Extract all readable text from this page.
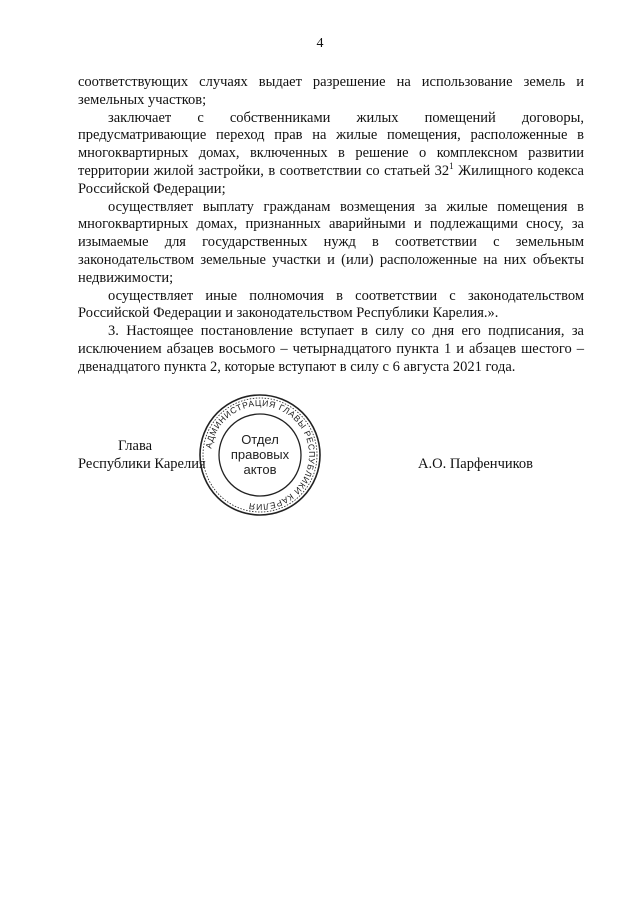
4

соответствующих случаях выдает разрешение на использование земель и земельных участков;

заключает с собственниками жилых помещений договоры, предусматривающие переход прав на жилые помещения, расположенные в многоквартирных домах, включенных в решение о комплексном развитии территории жилой застройки, в соответствии со статьей $32^1$ Жилищного кодекса Российской Федерации;

осуществляет выплату гражданам возмещения за жилые помещения в многоквартирных домах, признанных аварийными и подлежащими сносу, за изымаемые для государственных нужд в соответствии с земельным законодательством земельные участки и (или) расположенные на них объекты недвижимости;

осуществляет иные полномочия в соответствии с законодательством Российской Федерации и законодательством Республики Карелия.».

3. Настоящее постановление вступает в силу со дня его подписания, за исключением абзацев восьмого – четырнадцатого пункта 1 и абзацев шестого – двенадцатого пункта 2, которые вступают в силу с 6 августа 2021 года.

Глава
Республики Карелия	А.О. Парфенчиков
АДМИНИСТРАЦИЯ ГЛАВЫ РЕСПУБЛИКИ КАРЕЛИЯ
Отдел
правовых
актов
